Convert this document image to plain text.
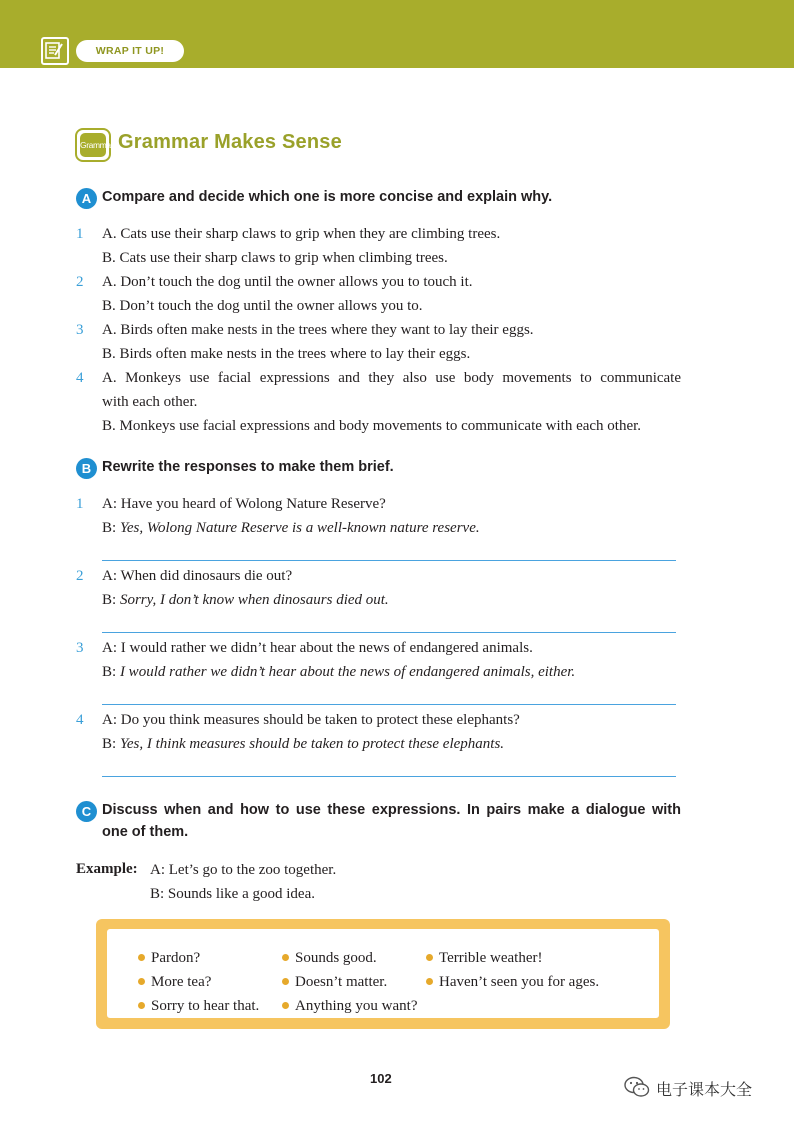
WRAP IT UP!
Grammar Grammar Makes Sense
A Compare and decide which one is more concise and explain why.
1 A. Cats use their sharp claws to grip when they are climbing trees.
B. Cats use their sharp claws to grip when climbing trees.
2 A. Don’t touch the dog until the owner allows you to touch it.
B. Don’t touch the dog until the owner allows you to.
3 A. Birds often make nests in the trees where they want to lay their eggs.
B. Birds often make nests in the trees where to lay their eggs.
4 A. Monkeys use facial expressions and they also use body movements to communicate
with each other.
B. Monkeys use facial expressions and body movements to communicate with each other.
B Rewrite the responses to make them brief.
1 A: Have you heard of Wolong Nature Reserve?
B: Yes, Wolong Nature Reserve is a well-known nature reserve.
2 A: When did dinosaurs die out?
B: Sorry, I don’t know when dinosaurs died out.
3 A: I would rather we didn’t hear about the news of endangered animals.
B: I would rather we didn’t hear about the news of endangered animals, either.
4 A: Do you think measures should be taken to protect these elephants?
B: Yes, I think measures should be taken to protect these elephants.
C Discuss when and how to use these expressions. In pairs make a dialogue with
one of them.
Example: A: Let’s go to the zoo together.
B: Sounds like a good idea.
Pardon?	Sounds good.	Terrible weather!
More tea?	Doesn’t matter.	Haven’t seen you for ages.
Sorry to hear that.	Anything you want?
102
电子课本大全
